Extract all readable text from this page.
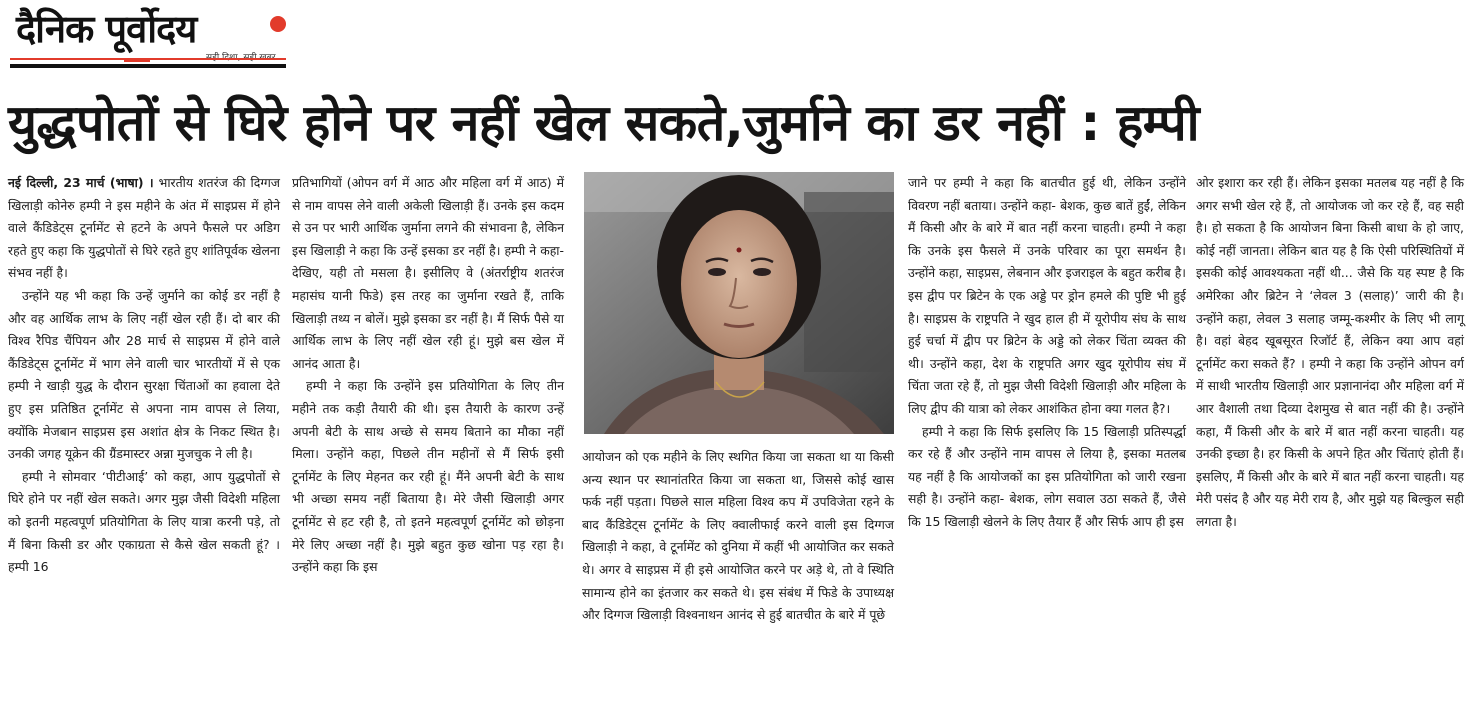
दैनिक पूर्वोदय
युद्धपोतों से घिरे होने पर नहीं खेल सकते,जुर्माने का डर नहीं : हम्पी

नई दिल्ली, 23 मार्च (भाषा) । भारतीय शतरंज की दिग्गज खिलाड़ी कोनेरु हम्पी ने इस महीने के अंत में साइप्रस में होने वाले कैंडिडेट्स टूर्नामेंट से हटने के अपने फैसले पर अडिग रहते हुए कहा कि युद्धपोतों से घिरे रहते हुए शांतिपूर्वक खेलना संभव नहीं है।

उन्होंने यह भी कहा कि उन्हें जुर्माने का कोई डर नहीं है और वह आर्थिक लाभ के लिए नहीं खेल रही हैं। दो बार की विश्व रैपिड चैंपियन और 28 मार्च से साइप्रस में होने वाले कैंडिडेट्स टूर्नामेंट में भाग लेने वाली चार भारतीयों में से एक हम्पी ने खाड़ी युद्ध के दौरान सुरक्षा चिंताओं का हवाला देते हुए इस प्रतिष्ठित टूर्नामेंट से अपना नाम वापस ले लिया, क्योंकि मेजबान साइप्रस इस अशांत क्षेत्र के निकट स्थित है। उनकी जगह यूक्रेन की ग्रैंडमास्टर अन्ना मुजचुक ने ली है।

हम्पी ने सोमवार ‘पीटीआई’ को कहा, आप युद्धपोतों से घिरे होने पर नहीं खेल सकते। अगर मुझ जैसी विदेशी महिला को इतनी महत्वपूर्ण प्रतियोगिता के लिए यात्रा करनी पड़े, तो मैं बिना किसी डर और एकाग्रता से कैसे खेल सकती हूं? । हम्पी 16

प्रतिभागियों (ओपन वर्ग में आठ और महिला वर्ग में आठ) में से नाम वापस लेने वाली अकेली खिलाड़ी हैं। उनके इस कदम से उन पर भारी आर्थिक जुर्माना लगने की संभावना है, लेकिन इस खिलाड़ी ने कहा कि उन्हें इसका डर नहीं है। हम्पी ने कहा- देखिए, यही तो मसला है। इसीलिए वे (अंतर्राष्ट्रीय शतरंज महासंघ यानी फिडे) इस तरह का जुर्माना रखते हैं, ताकि खिलाड़ी तथ्य न बोलें। मुझे इसका डर नहीं है। मैं सिर्फ पैसे या आर्थिक लाभ के लिए नहीं खेल रही हूं। मुझे बस खेल में आनंद आता है।

हम्पी ने कहा कि उन्होंने इस प्रतियोगिता के लिए तीन महीने तक कड़ी तैयारी की थी। इस तैयारी के कारण उन्हें अपनी बेटी के साथ अच्छे से समय बिताने का मौका नहीं मिला। उन्होंने कहा, पिछले तीन महीनों से मैं सिर्फ इसी टूर्नामेंट के लिए मेहनत कर रही हूं। मैंने अपनी बेटी के साथ भी अच्छा समय नहीं बिताया है। मेरे जैसी खिलाड़ी अगर टूर्नामेंट से हट रही है, तो इतने महत्वपूर्ण टूर्नामेंट को छोड़ना मेरे लिए अच्छा नहीं है। मुझे बहुत कुछ खोना पड़ रहा है। उन्होंने कहा कि इस

आयोजन को एक महीने के लिए स्थगित किया जा सकता था या किसी अन्य स्थान पर स्थानांतरित किया जा सकता था, जिससे कोई खास फर्क नहीं पड़ता। पिछले साल महिला विश्व कप में उपविजेता रहने के बाद कैंडिडेट्स टूर्नामेंट के लिए क्वालीफाई करने वाली इस दिग्गज खिलाड़ी ने कहा, वे टूर्नामेंट को दुनिया में कहीं भी आयोजित कर सकते थे। अगर वे साइप्रस में ही इसे आयोजित करने पर अड़े थे, तो वे स्थिति सामान्य होने का इंतजार कर सकते थे। इस संबंध में फिडे के उपाध्यक्ष और दिग्गज खिलाड़ी विश्वनाथन आनंद से हुई बातचीत के बारे में पूछे

जाने पर हम्पी ने कहा कि बातचीत हुई थी, लेकिन उन्होंने विवरण नहीं बताया। उन्होंने कहा- बेशक, कुछ बातें हुईं, लेकिन मैं किसी और के बारे में बात नहीं करना चाहती। हम्पी ने कहा कि उनके इस फैसले में उनके परिवार का पूरा समर्थन है। उन्होंने कहा, साइप्रस, लेबनान और इजराइल के बहुत करीब है। इस द्वीप पर ब्रिटेन के एक अड्डे पर ड्रोन हमले की पुष्टि भी हुई है। साइप्रस के राष्ट्रपति ने खुद हाल ही में यूरोपीय संघ के साथ हुई चर्चा में द्वीप पर ब्रिटेन के अड्डे को लेकर चिंता व्यक्त की थी। उन्होंने कहा, देश के राष्ट्रपति अगर खुद यूरोपीय संघ में चिंता जता रहे हैं, तो मुझ जैसी विदेशी खिलाड़ी और महिला के लिए द्वीप की यात्रा को लेकर आशंकित होना क्या गलत है?।

हम्पी ने कहा कि सिर्फ इसलिए कि 15 खिलाड़ी प्रतिस्पर्द्धा कर रहे हैं और उन्होंने नाम वापस ले लिया है, इसका मतलब यह नहीं है कि आयोजकों का इस प्रतियोगिता को जारी रखना सही है। उन्होंने कहा- बेशक, लोग सवाल उठा सकते हैं, जैसे कि 15 खिलाड़ी खेलने के लिए तैयार हैं और सिर्फ आप ही इस

ओर इशारा कर रही हैं। लेकिन इसका मतलब यह नहीं है कि अगर सभी खेल रहे हैं, तो आयोजक जो कर रहे हैं, वह सही है। हो सकता है कि आयोजन बिना किसी बाधा के हो जाए, कोई नहीं जानता। लेकिन बात यह है कि ऐसी परिस्थितियों में इसकी कोई आवश्यकता नहीं थी... जैसे कि यह स्पष्ट है कि अमेरिका और ब्रिटेन ने ‘लेवल 3 (सलाह)’ जारी की है। उन्होंने कहा, लेवल 3 सलाह जम्मू-कश्मीर के लिए भी लागू है। वहां बेहद खूबसूरत रिजॉर्ट हैं, लेकिन क्या आप वहां टूर्नामेंट करा सकते हैं? । हम्पी ने कहा कि उन्होंने ओपन वर्ग में साथी भारतीय खिलाड़ी आर प्रज्ञानानंदा और महिला वर्ग में आर वैशाली तथा दिव्या देशमुख से बात नहीं की है। उन्होंने कहा, मैं किसी और के बारे में बात नहीं करना चाहती। यह उनकी इच्छा है। हर किसी के अपने हित और चिंताएं होती हैं। इसलिए, मैं किसी और के बारे में बात नहीं करना चाहती। यह मेरी पसंद है और यह मेरी राय है, और मुझे यह बिल्कुल सही लगता है।
